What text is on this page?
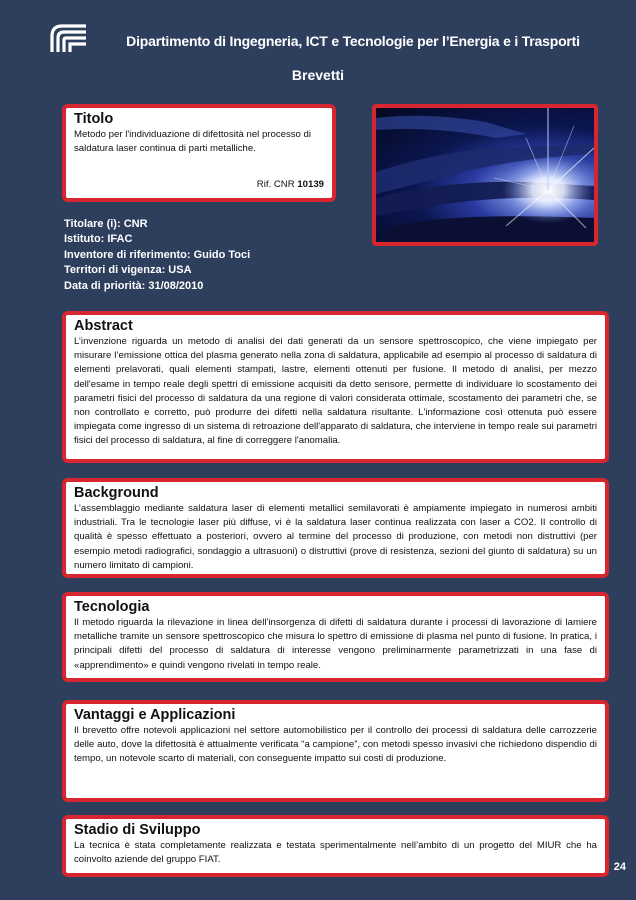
Dipartimento di Ingegneria, ICT e Tecnologie per l’Energia e i Trasporti
Brevetti
Titolo

Metodo per l'individuazione di difettosità nel processo di saldatura laser continua di parti metalliche.

Rif. CNR 10139
Titolare (i): CNR
Istituto: IFAC
Inventore di riferimento: Guido Toci
Territori di vigenza: USA
Data di priorità: 31/08/2010
Abstract

L’invenzione riguarda un metodo di analisi dei dati generati da un sensore spettroscopico, che viene impiegato per misurare l’emissione ottica del plasma generato nella zona di saldatura, applicabile ad esempio al processo di saldatura di elementi prelavorati, quali elementi stampati, lastre, elementi ottenuti per fusione. Il metodo di analisi, per mezzo dell'esame in tempo reale degli spettri di emissione acquisiti da detto sensore, permette di individuare lo scostamento dei parametri fisici del processo di saldatura da una regione di valori considerata ottimale, scostamento dei parametri che, se non controllato e corretto, può produrre dei difetti nella saldatura risultante. L'informazione così ottenuta può essere impiegata come ingresso di un sistema di retroazione dell'apparato di saldatura, che interviene in tempo reale sui parametri fisici del processo di saldatura, al fine di correggere l'anomalia.

Background

L’assemblaggio mediante saldatura laser di elementi metallici semilavorati è ampiamente impiegato in numerosi ambiti industriali. Tra le tecnologie laser più diffuse, vi è la saldatura laser continua realizzata con laser a CO2. Il controllo di qualità è spesso effettuato a posteriori, ovvero al termine del processo di produzione, con metodi non distruttivi (per esempio metodi radiografici, sondaggio a ultrasuoni) o distruttivi (prove di resistenza, sezioni del giunto di saldatura) su un numero limitato di campioni.

Tecnologia

Il metodo riguarda la rilevazione in linea dell'insorgenza di difetti di saldatura durante i processi di lavorazione di lamiere metalliche tramite un sensore spettroscopico che misura lo spettro di emissione di plasma nel punto di fusione. In pratica, i principali difetti del processo di saldatura di interesse vengono preliminarmente parametrizzati in una fase di «apprendimento» e quindi vengono rivelati in tempo reale.

Vantaggi e Applicazioni

Il brevetto offre notevoli applicazioni nel settore automobilistico per il controllo dei processi di saldatura delle carrozzerie delle auto, dove la difettosità è attualmente verificata “a campione”, con metodi spesso invasivi che richiedono dispendio di tempo, un notevole scarto di materiali, con conseguente impatto sui costi di produzione.

Stadio di Sviluppo

La tecnica è stata completamente realizzata e testata sperimentalmente nell’ambito di un progetto del MIUR che ha coinvolto aziende del gruppo FIAT.

24
